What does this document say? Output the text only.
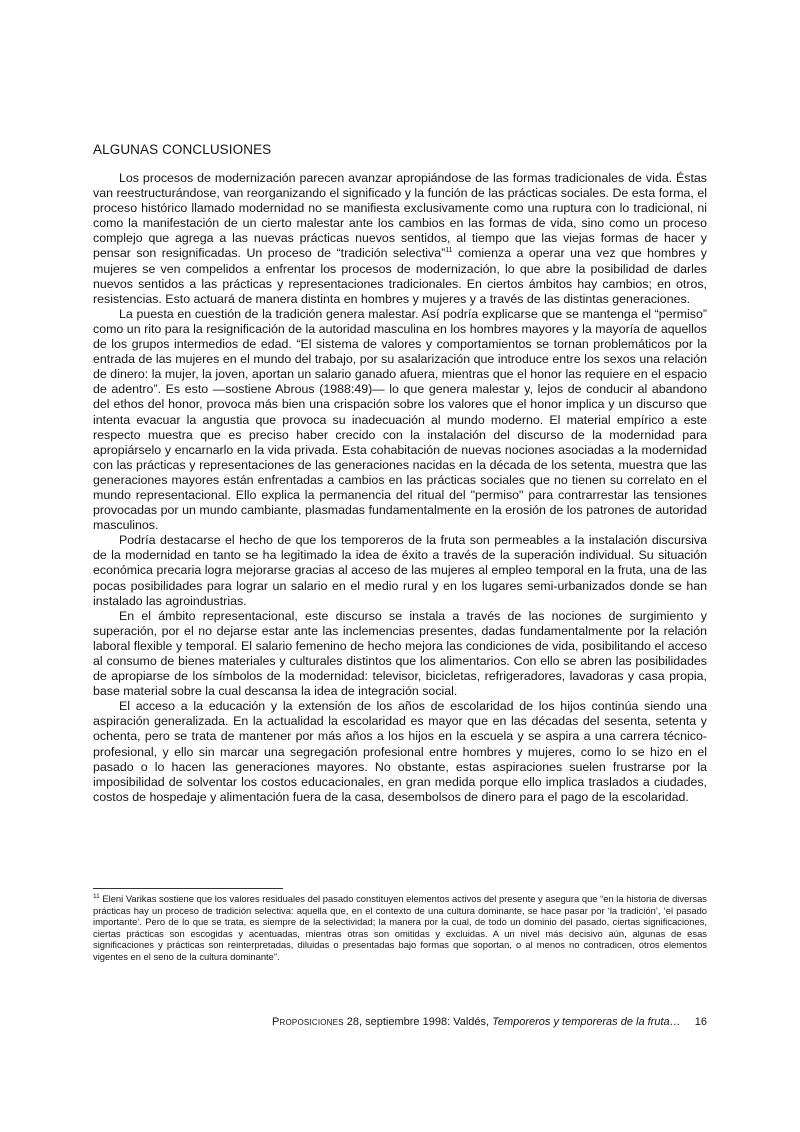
ALGUNAS CONCLUSIONES

Los procesos de modernización parecen avanzar apropiándose de las formas tradicionales de vida. Éstas van reestructurándose, van reorganizando el significado y la función de las prácticas sociales. De esta forma, el proceso histórico llamado modernidad no se manifiesta exclusivamente como una ruptura con lo tradicional, ni como la manifestación de un cierto malestar ante los cambios en las formas de vida, sino como un proceso complejo que agrega a las nuevas prácticas nuevos sentidos, al tiempo que las viejas formas de hacer y pensar son resignificadas. Un proceso de “tradición selectiva”$^{11}$ comienza a operar una vez que hombres y mujeres se ven compelidos a enfrentar los procesos de modernización, lo que abre la posibilidad de darles nuevos sentidos a las prácticas y representaciones tradicionales. En ciertos ámbitos hay cambios; en otros, resistencias. Esto actuará de manera distinta en hombres y mujeres y a través de las distintas generaciones.

La puesta en cuestión de la tradición genera malestar. Así podría explicarse que se mantenga el “permiso” como un rito para la resignificación de la autoridad masculina en los hombres mayores y la mayoría de aquellos de los grupos intermedios de edad. “El sistema de valores y comportamientos se tornan problemáticos por la entrada de las mujeres en el mundo del trabajo, por su asalarización que introduce entre los sexos una relación de dinero: la mujer, la joven, aportan un salario ganado afuera, mientras que el honor las requiere en el espacio de adentro”. Es esto —sostiene Abrous (1988:49)— lo que genera malestar y, lejos de conducir al abandono del ethos del honor, provoca más bien una crispación sobre los valores que el honor implica y un discurso que intenta evacuar la angustia que provoca su inadecuación al mundo moderno. El material empírico a este respecto muestra que es preciso haber crecido con la instalación del discurso de la modernidad para apropiárselo y encarnarlo en la vida privada. Esta cohabitación de nuevas nociones asociadas a la modernidad con las prácticas y representaciones de las generaciones nacidas en la década de los setenta, muestra que las generaciones mayores están enfrentadas a cambios en las prácticas sociales que no tienen su correlato en el mundo representacional. Ello explica la permanencia del ritual del "permiso" para contrarrestar las tensiones provocadas por un mundo cambiante, plasmadas fundamentalmente en la erosión de los patrones de autoridad masculinos.

Podría destacarse el hecho de que los temporeros de la fruta son permeables a la instalación discursiva de la modernidad en tanto se ha legitimado la idea de éxito a través de la superación individual. Su situación económica precaria logra mejorarse gracias al acceso de las mujeres al empleo temporal en la fruta, una de las pocas posibilidades para lograr un salario en el medio rural y en los lugares semi-urbanizados donde se han instalado las agroindustrias.

En el ámbito representacional, este discurso se instala a través de las nociones de surgimiento y superación, por el no dejarse estar ante las inclemencias presentes, dadas fundamentalmente por la relación laboral flexible y temporal. El salario femenino de hecho mejora las condiciones de vida, posibilitando el acceso al consumo de bienes materiales y culturales distintos que los alimentarios. Con ello se abren las posibilidades de apropiarse de los símbolos de la modernidad: televisor, bicicletas, refrigeradores, lavadoras y casa propia, base material sobre la cual descansa la idea de integración social.

El acceso a la educación y la extensión de los años de escolaridad de los hijos continúa siendo una aspiración generalizada. En la actualidad la escolaridad es mayor que en las décadas del sesenta, setenta y ochenta, pero se trata de mantener por más años a los hijos en la escuela y se aspira a una carrera técnico-profesional, y ello sin marcar una segregación profesional entre hombres y mujeres, como lo se hizo en el pasado o lo hacen las generaciones mayores. No obstante, estas aspiraciones suelen frustrarse por la imposibilidad de solventar los costos educacionales, en gran medida porque ello implica traslados a ciudades, costos de hospedaje y alimentación fuera de la casa, desembolsos de dinero para el pago de la escolaridad.

$^{11}$ Eleni Varikas sostiene que los valores residuales del pasado constituyen elementos activos del presente y asegura que “en la historia de diversas prácticas hay un proceso de tradición selectiva: aquella que, en el contexto de una cultura dominante, se hace pasar por ‘la tradición’, ‘el pasado importante’. Pero de lo que se trata, es siempre de la selectividad; la manera por la cual, de todo un dominio del pasado, ciertas significaciones, ciertas prácticas son escogidas y acentuadas, mientras otras son omitidas y excluidas. A un nivel más decisivo aún, algunas de esas significaciones y prácticas son reinterpretadas, diluidas o presentadas bajo formas que soportan, o al menos no contradicen, otros elementos vigentes en el seno de la cultura dominante”.

Proposiciones 28, septiembre 1998: Valdés, Temporeros y temporeras de la fruta… 16
